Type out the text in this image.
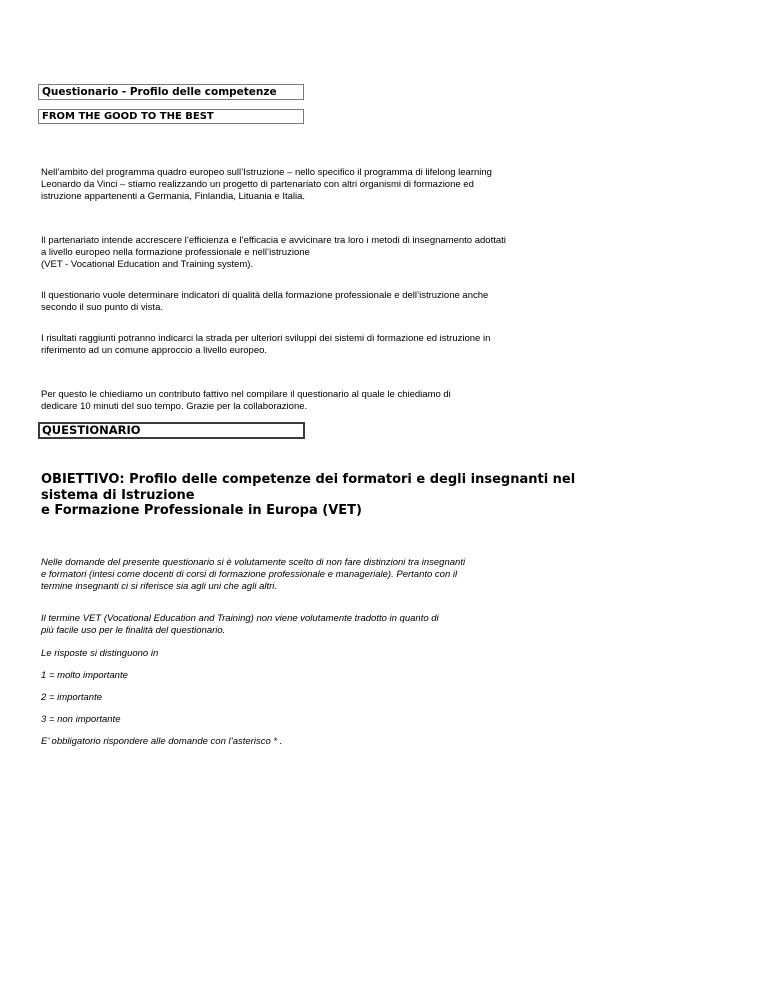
Questionario - Profilo delle competenze
FROM THE GOOD TO THE BEST
Nell’ambito del programma quadro europeo sull’Istruzione – nello specifico il programma di lifelong learning
Leonardo da Vinci – stiamo realizzando un progetto di partenariato con altri organismi di formazione ed
istruzione appartenenti a Germania, Finlandia, Lituania e Italia.
Il partenariato intende accrescere l’efficienza e l’efficacia e avvicinare tra loro i metodi di insegnamento adottati
a livello europeo nella formazione professionale e nell’istruzione
(VET - Vocational Education and Training system).
Il questionario vuole determinare indicatori di qualità della formazione professionale e dell’istruzione anche
secondo il suo punto di vista.
I risultati raggiunti potranno indicarci la strada per ulteriori sviluppi dei sistemi di formazione ed istruzione in
riferimento ad un comune approccio a livello europeo.
Per questo le chiediamo un contributo fattivo nel compilare il questionario al quale le chiediamo di
dedicare 10 minuti del suo tempo. Grazie per la collaborazione.
QUESTIONARIO
OBIETTIVO: Profilo delle competenze dei formatori e degli insegnanti nel
sistema di Istruzione
e Formazione Professionale in Europa (VET)
Nelle domande del presente questionario si è volutamente scelto di non fare distinzioni tra insegnanti
e formatori (intesi come docenti di corsi di formazione professionale e manageriale). Pertanto con il
termine insegnanti ci si riferisce sia agli uni che agli altri.
Il termine VET (Vocational Education and Training) non viene volutamente tradotto in quanto di
più facile uso per le finalità del questionario.
Le risposte si distinguono in
1 = molto importante
2 = importante
3 = non importante
E’ obbligatorio rispondere alle domande con l’asterisco * .
